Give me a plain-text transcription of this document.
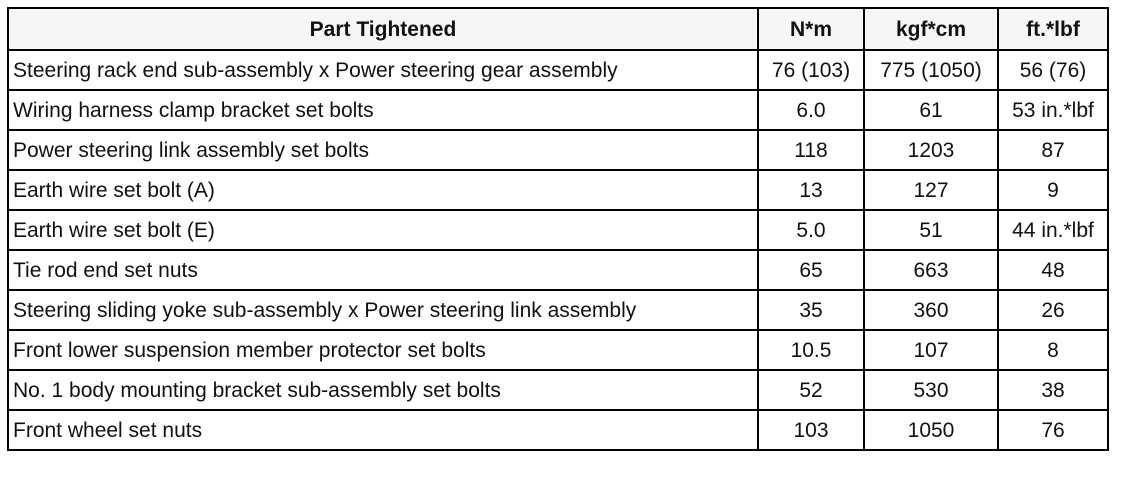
Part Tightened	N*m	kgf*cm	ft.*lbf
Steering rack end sub-assembly x Power steering gear assembly	76 (103)	775 (1050)	56 (76)
Wiring harness clamp bracket set bolts	6.0	61	53 in.*lbf
Power steering link assembly set bolts	118	1203	87
Earth wire set bolt (A)	13	127	9
Earth wire set bolt (E)	5.0	51	44 in.*lbf
Tie rod end set nuts	65	663	48
Steering sliding yoke sub-assembly x Power steering link assembly	35	360	26
Front lower suspension member protector set bolts	10.5	107	8
No. 1 body mounting bracket sub-assembly set bolts	52	530	38
Front wheel set nuts	103	1050	76
